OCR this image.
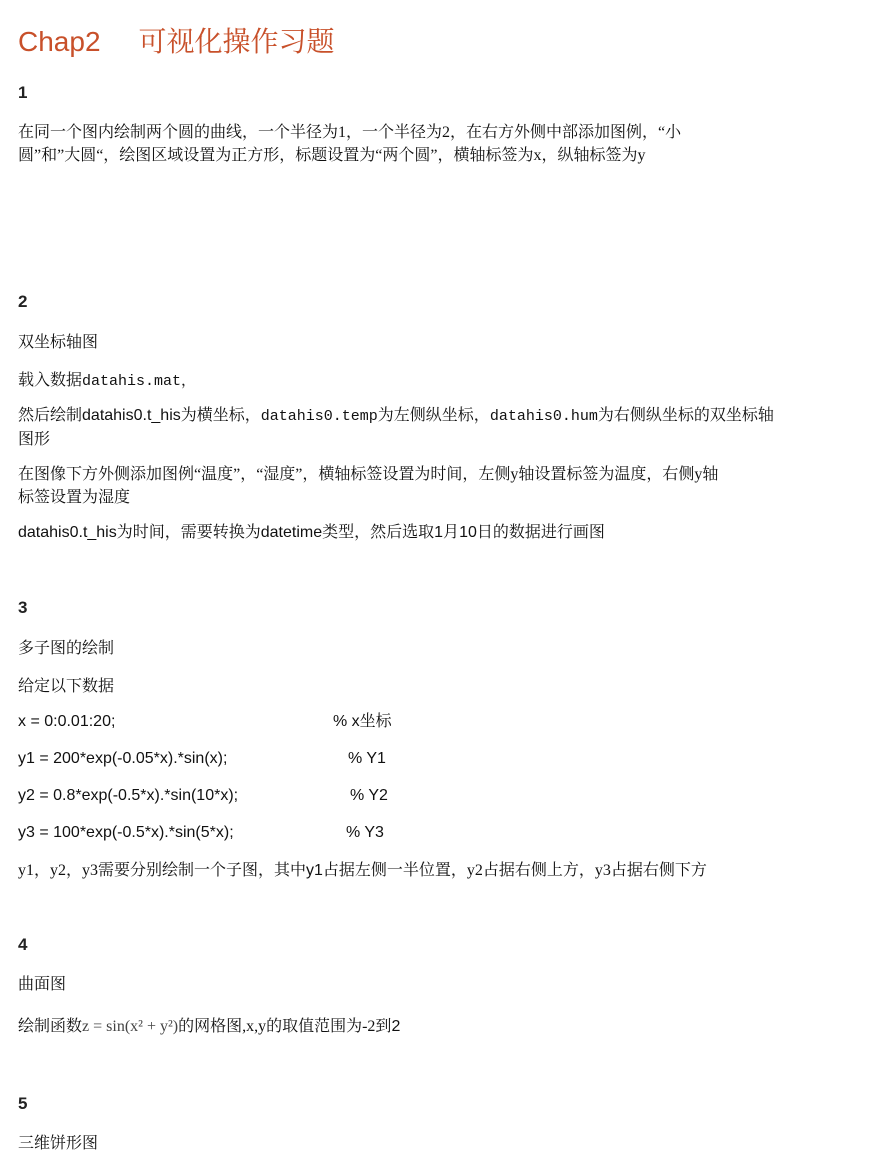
Chap2 可视化操作习题
1
在同一个图内绘制两个圆的曲线，一个半径为1，一个半径为2，在右方外侧中部添加图例，“小
圆”和”大圆“，绘图区域设置为正方形，标题设置为“两个圆”，横轴标签为x，纵轴标签为y
2
双坐标轴图
载入数据datahis.mat，
然后绘制datahis0.t_his为横坐标，datahis0.temp为左侧纵坐标，datahis0.hum为右侧纵坐标的双坐标轴
图形
在图像下方外侧添加图例“温度”，“湿度”，横轴标签设置为时间，左侧y轴设置标签为温度，右侧y轴
标签设置为湿度
datahis0.t_his为时间，需要转换为datetime类型，然后选取1月10日的数据进行画图
3
多子图的绘制
给定以下数据
x = 0:0.01:20;	% x坐标
y1 = 200*exp(-0.05*x).*sin(x);	% Y1
y2 = 0.8*exp(-0.5*x).*sin(10*x);	% Y2
y3 = 100*exp(-0.5*x).*sin(5*x);	% Y3
y1，y2，y3需要分别绘制一个子图，其中y1占据左侧一半位置，y2占据右侧上方，y3占据右侧下方
4
曲面图
绘制函数z = sin(x² + y²)的网格图,x,y的取值范围为-2到2
5
三维饼形图
